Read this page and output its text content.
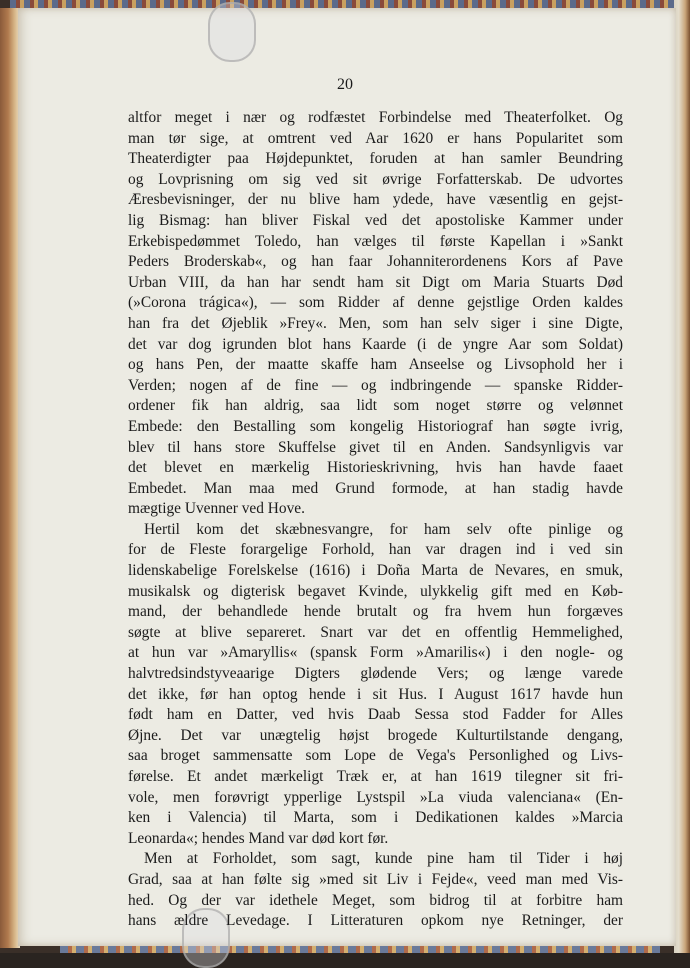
20
altfor meget i nær og rodfæstet Forbindelse med Theaterfolket. Og
man tør sige, at omtrent ved Aar 1620 er hans Popularitet som
Theaterdigter paa Højdepunktet, foruden at han samler Beundring
og Lovprisning om sig ved sit øvrige Forfatterskab. De udvortes
Æresbevisninger, der nu blive ham ydede, have væsentlig en gejst-
lig Bismag: han bliver Fiskal ved det apostoliske Kammer under
Erkebispedømmet Toledo, han vælges til første Kapellan i »Sankt
Peders Broderskab«, og han faar Johanniterordenens Kors af Pave
Urban VIII, da han har sendt ham sit Digt om Maria Stuarts Død
(»Corona trágica«), — som Ridder af denne gejstlige Orden kaldes
han fra det Øjeblik »Frey«. Men, som han selv siger i sine Digte,
det var dog igrunden blot hans Kaarde (i de yngre Aar som Soldat)
og hans Pen, der maatte skaffe ham Anseelse og Livsophold her i
Verden; nogen af de fine — og indbringende — spanske Ridder-
ordener fik han aldrig, saa lidt som noget større og velønnet
Embede: den Bestalling som kongelig Historiograf han søgte ivrig,
blev til hans store Skuffelse givet til en Anden. Sandsynligvis var
det blevet en mærkelig Historieskrivning, hvis han havde faaet
Embedet. Man maa med Grund formode, at han stadig havde
mægtige Uvenner ved Hove.
Hertil kom det skæbnesvangre, for ham selv ofte pinlige og
for de Fleste forargelige Forhold, han var dragen ind i ved sin
lidenskabelige Forelskelse (1616) i Doña Marta de Nevares, en smuk,
musikalsk og digterisk begavet Kvinde, ulykkelig gift med en Køb-
mand, der behandlede hende brutalt og fra hvem hun forgæves
søgte at blive separeret. Snart var det en offentlig Hemmelighed,
at hun var »Amaryllis« (spansk Form »Amarilis«) i den nogle- og
halvtredsindstyveaarige Digters glødende Vers; og længe varede
det ikke, før han optog hende i sit Hus. I August 1617 havde hun
født ham en Datter, ved hvis Daab Sessa stod Fadder for Alles
Øjne. Det var unægtelig højst brogede Kulturtilstande dengang,
saa broget sammensatte som Lope de Vega's Personlighed og Livs-
førelse. Et andet mærkeligt Træk er, at han 1619 tilegner sit fri-
vole, men forøvrigt ypperlige Lystspil »La viuda valenciana« (En-
ken i Valencia) til Marta, som i Dedikationen kaldes »Marcia
Leonarda«; hendes Mand var død kort før.
Men at Forholdet, som sagt, kunde pine ham til Tider i høj
Grad, saa at han følte sig »med sit Liv i Fejde«, veed man med Vis-
hed. Og der var idethele Meget, som bidrog til at forbitre ham
hans ældre Levedage. I Litteraturen opkom nye Retninger, der
